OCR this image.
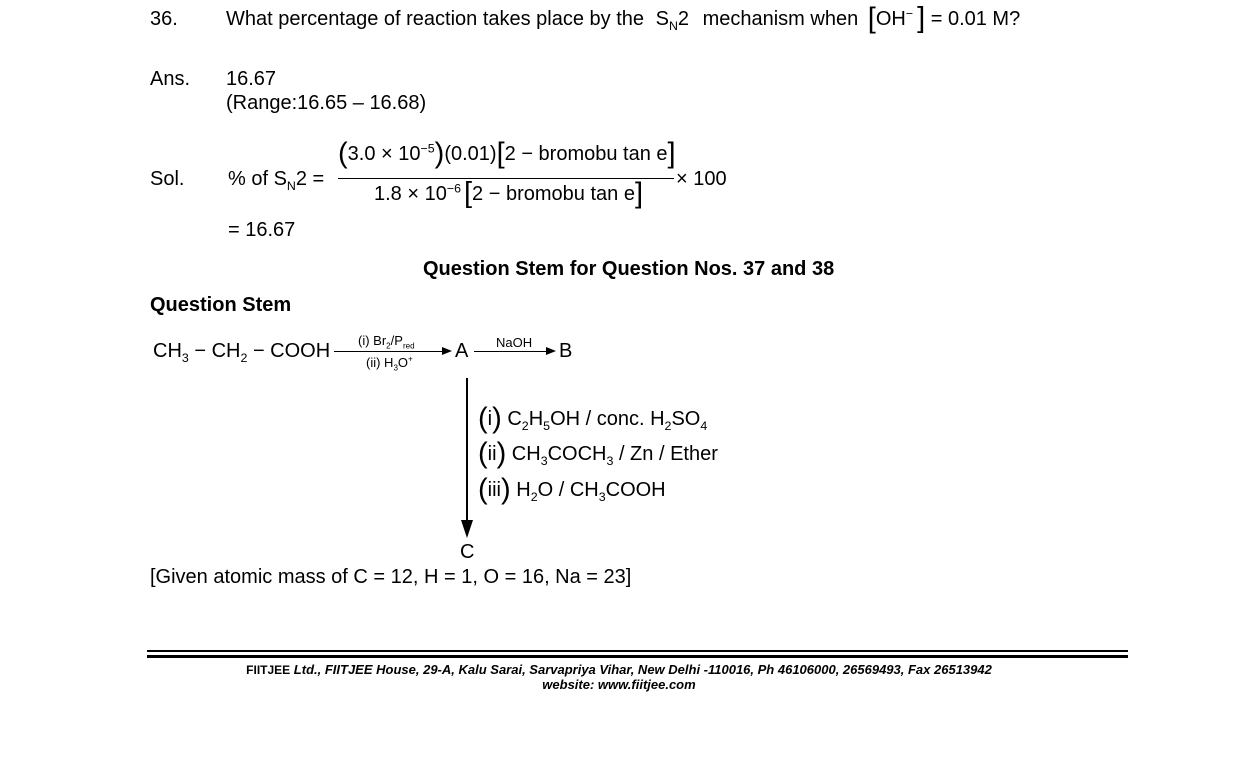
36. What percentage of reaction takes place by the $S_N2$ mechanism when [OH− ] = 0.01 M?
Ans. 16.67
(Range:16.65 – 16.68)
Sol. % of $S_N2$ =
$(3.0 \times 10^{-5})(0.01)[2$ − bromobu tan e]
$1.8 \times 10^{-6}$ [2 − bromobu tan e] × 100
= 16.67
Question Stem for Question Nos. 37 and 38
Question Stem
$CH_3 - CH_2$ − COOH (i) $Br_2/P_{red}$
(ii) $H_3O^+$ A NaOH B
(i) $C_2H_5OH$ / conc. $H_2SO_4$
(ii) $CH_3COCH_3$ / Zn / Ether
(iii) $H_2O$ / $CH_3COOH$
C
[Given atomic mass of C = 12, H = 1, O = 16, Na = 23]
FIITJEE Ltd., FIITJEE House, 29-A, Kalu Sarai, Sarvapriya Vihar, New Delhi -110016, Ph 46106000, 26569493, Fax 26513942
website: www.fiitjee.com
